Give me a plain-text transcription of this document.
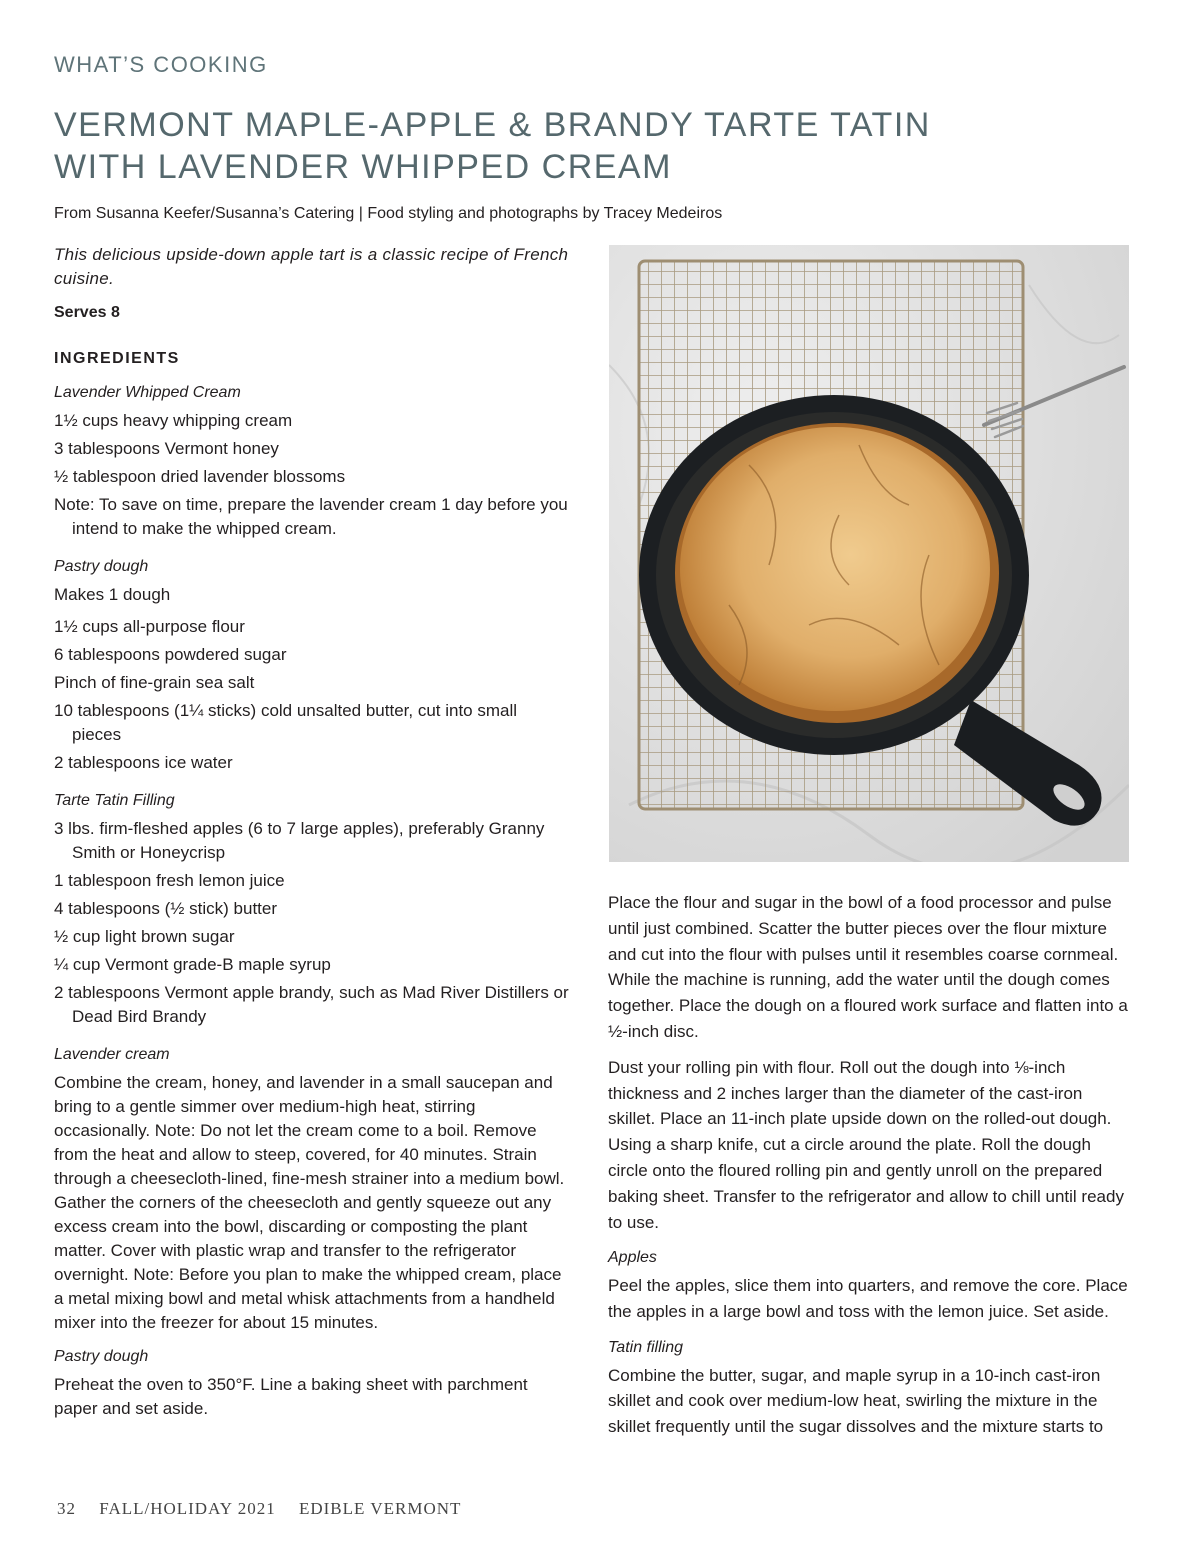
WHAT’S COOKING
VERMONT MAPLE-APPLE & BRANDY TARTE TATIN
WITH LAVENDER WHIPPED CREAM
From Susanna Keefer/Susanna’s Catering | Food styling and photographs by Tracey Medeiros

This delicious upside-down apple tart is a classic recipe of French cuisine.

Serves 8

INGREDIENTS

Lavender Whipped Cream

1½ cups heavy whipping cream
3 tablespoons Vermont honey
½ tablespoon dried lavender blossoms
Note: To save on time, prepare the lavender cream 1 day before you intend to make the whipped cream.

Pastry dough

Makes 1 dough

1½ cups all-purpose flour
6 tablespoons powdered sugar
Pinch of fine-grain sea salt
10 tablespoons (1¼ sticks) cold unsalted butter, cut into small pieces
2 tablespoons ice water

Tarte Tatin Filling

3 lbs. firm-fleshed apples (6 to 7 large apples), preferably Granny Smith or Honeycrisp
1 tablespoon fresh lemon juice
4 tablespoons (½ stick) butter
½ cup light brown sugar
¼ cup Vermont grade-B maple syrup
2 tablespoons Vermont apple brandy, such as Mad River Distillers or Dead Bird Brandy

Lavender cream

Combine the cream, honey, and lavender in a small saucepan and bring to a gentle simmer over medium-high heat, stirring occasionally. Note: Do not let the cream come to a boil. Remove from the heat and allow to steep, covered, for 40 minutes. Strain through a cheesecloth-lined, fine-mesh strainer into a medium bowl. Gather the corners of the cheesecloth and gently squeeze out any excess cream into the bowl, discarding or composting the plant matter. Cover with plastic wrap and transfer to the refrigerator overnight. Note: Before you plan to make the whipped cream, place a metal mixing bowl and metal whisk attachments from a handheld mixer into the freezer for about 15 minutes.

Pastry dough

Preheat the oven to 350°F. Line a baking sheet with parchment paper and set aside.

Place the flour and sugar in the bowl of a food processor and pulse until just combined. Scatter the butter pieces over the flour mixture and cut into the flour with pulses until it resembles coarse cornmeal. While the machine is running, add the water until the dough comes together. Place the dough on a floured work surface and flatten into a ½-inch disc.

Dust your rolling pin with flour. Roll out the dough into ⅛-inch thickness and 2 inches larger than the diameter of the cast-iron skillet. Place an 11-inch plate upside down on the rolled-out dough. Using a sharp knife, cut a circle around the plate. Roll the dough circle onto the floured rolling pin and gently unroll on the prepared baking sheet. Transfer to the refrigerator and allow to chill until ready to use.

Apples

Peel the apples, slice them into quarters, and remove the core. Place the apples in a large bowl and toss with the lemon juice. Set aside.

Tatin filling

Combine the butter, sugar, and maple syrup in a 10-inch cast-iron skillet and cook over medium-low heat, swirling the mixture in the skillet frequently until the sugar dissolves and the mixture starts to

32 FALL/HOLIDAY 2021 EDIBLE VERMONT
